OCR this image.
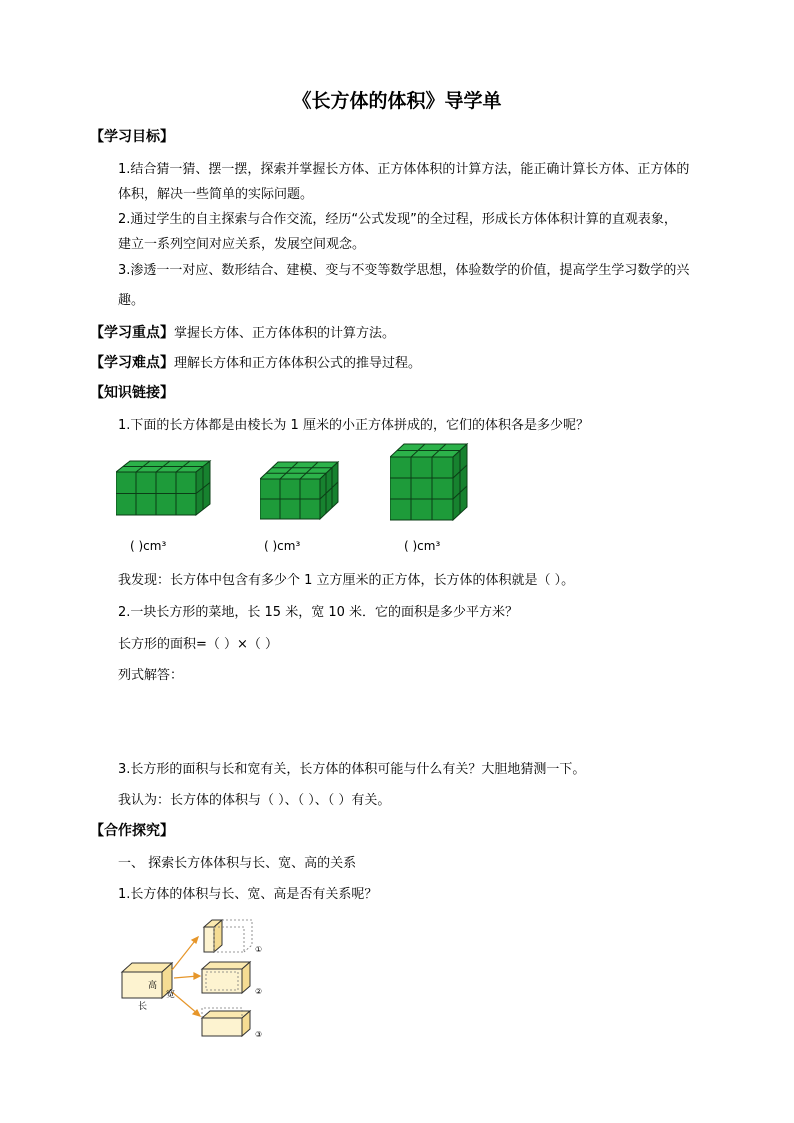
《长方体的体积》导学单
【学习目标】
1.结合猜一猜、摆一摆，探索并掌握长方体、正方体体积的计算方法，能正确计算长方体、正方体的
体积，解决一些简单的实际问题。
2.通过学生的自主探索与合作交流，经历“公式发现”的全过程，形成长方体体积计算的直观表象，
建立一系列空间对应关系，发展空间观念。
3.渗透一一对应、数形结合、建模、变与不变等数学思想，体验数学的价值，提高学生学习数学的兴
趣。
【学习重点】掌握长方体、正方体体积的计算方法。
【学习难点】理解长方体和正方体体积公式的推导过程。
【知识链接】
1.下面的长方体都是由棱长为 1 厘米的小正方体拼成的，它们的体积各是多少呢？
( )cm³	( )cm³	( )cm³
我发现：长方体中包含有多少个 1 立方厘米的正方体，长方体的体积就是（ ）。
2.一块长方形的菜地，长 15 米，宽 10 米．它的面积是多少平方米？
长方形的面积=（ ）×（ ）
列式解答：
3.长方形的面积与长和宽有关，长方体的体积可能与什么有关？大胆地猜测一下。
我认为：长方体的体积与（ ）、（ ）、（ ）有关。
【合作探究】
一、 探索长方体体积与长、宽、高的关系
1.长方体的体积与长、宽、高是否有关系呢？
高
长
宽
①
②
③
